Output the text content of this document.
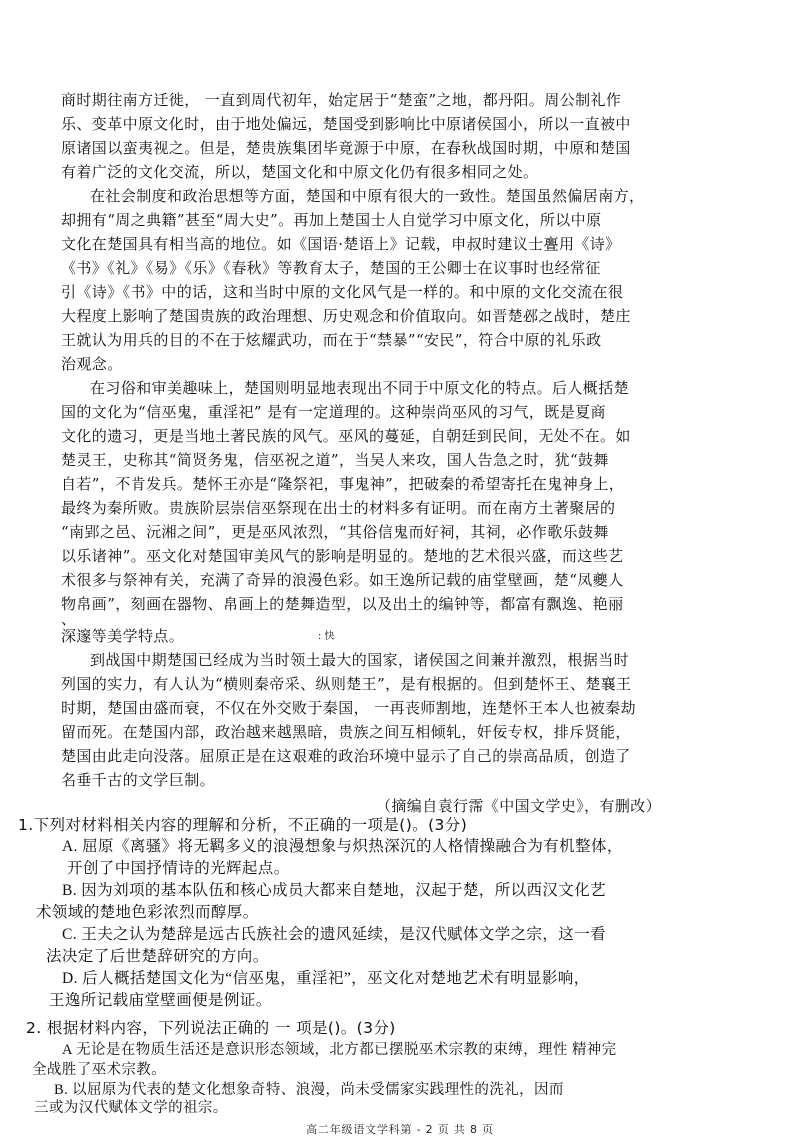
商时期往南方迁徙， 一直到周代初年，始定居于“楚蛮”之地，都丹阳。周公制礼作
乐、变革中原文化时，由于地处偏远，楚国受到影响比中原诸侯国小，所以一直被中
原诸国以蛮夷视之。但是，楚贵族集团毕竟源于中原，在春秋战国时期，中原和楚国
有着广泛的文化交流，所以，楚国文化和中原文化仍有很多相同之处。
在社会制度和政治思想等方面，楚国和中原有很大的一致性。楚国虽然偏居南方，
却拥有“周之典籍”甚至“周大史”。再加上楚国士人自觉学习中原文化，所以中原
文化在楚国具有相当高的地位。如《国语·楚语上》记载，申叔时建议士亹用《诗》
《书》《礼》《易》《乐》《春秋》等教育太子，楚国的王公卿士在议事时也经常征
引《诗》《书》中的话，这和当时中原的文化风气是一样的。和中原的文化交流在很
大程度上影响了楚国贵族的政治理想、历史观念和价值取向。如晋楚邲之战时，楚庄
王就认为用兵的目的不在于炫耀武功，而在于“禁暴”“安民”，符合中原的礼乐政
治观念。
在习俗和审美趣味上，楚国则明显地表现出不同于中原文化的特点。后人概括楚
国的文化为“信巫鬼，重淫祀” 是有一定道理的。这种崇尚巫风的习气，既是夏商
文化的遗习，更是当地土著民族的风气。巫风的蔓延，自朝廷到民间，无处不在。如
楚灵王，史称其“简贤务鬼，信巫祝之道”，当吴人来攻，国人告急之时，犹“鼓舞
自若”，不肯发兵。楚怀王亦是“隆祭祀，事鬼神”，把破秦的希望寄托在鬼神身上，
最终为秦所败。贵族阶层崇信巫祭现在出士的材料多有证明。而在南方土著聚居的
“南郢之邑、沅湘之间”，更是巫风浓烈，“其俗信鬼而好祠，其祠，必作歌乐鼓舞
以乐诸神”。巫文化对楚国审美风气的影响是明显的。楚地的艺术很兴盛，而这些艺
术很多与祭神有关，充满了奇异的浪漫色彩。如王逸所记载的庙堂壁画，楚“凤夔人
物帛画”，刻画在器物、帛画上的楚舞造型，以及出土的编钟等，都富有飘逸、艳丽
、
深邃等美学特点。	: 快
到战国中期楚国已经成为当时领土最大的国家，诸侯国之间兼并激烈，根据当时
列国的实力，有人认为“横则秦帝采、纵则楚王”，是有根据的。但到楚怀王、楚襄王
时期，楚国由盛而衰，不仅在外交败于秦国， 一再丧师割地，连楚怀王本人也被秦劫
留而死。在楚国内部，政治越来越黑暗，贵族之间互相倾轧，奸佞专权，排斥贤能，
楚国由此走向没落。屈原正是在这艰难的政治环境中显示了自己的崇高品质，创造了
名垂千古的文学巨制。
（摘编自袁行霈《中国文学史》，有删改）
1.下列对材料相关内容的理解和分析，不正确的一项是()。(3分)
A. 屈原《离骚》将无羁多义的浪漫想象与炽热深沉的人格情操融合为有机整体，
开创了中国抒情诗的光辉起点。
B. 因为刘项的基本队伍和核心成员大都来自楚地，汉起于楚，所以西汉文化艺
术领域的楚地色彩浓烈而醇厚。
C. 王夫之认为楚辞是远古氏族社会的遗风延续，是汉代赋体文学之宗，这一看
法决定了后世楚辞研究的方向。
D. 后人概括楚国文化为“信巫鬼，重淫祀”，巫文化对楚地艺术有明显影响，
王逸所记载庙堂壁画便是例证。
2. 根据材料内容，下列说法正确的 一 项是()。(3分)
A 无论是在物质生活还是意识形态领域，北方都已摆脱巫术宗教的束缚，理性 精神完
全战胜了巫术宗教。
B. 以屈原为代表的楚文化想象奇特、浪漫，尚未受儒家实践理性的洗礼，因而
高二年级语文学科第 - 2 页 共 8 页
三或为汉代赋体文学的祖宗。
